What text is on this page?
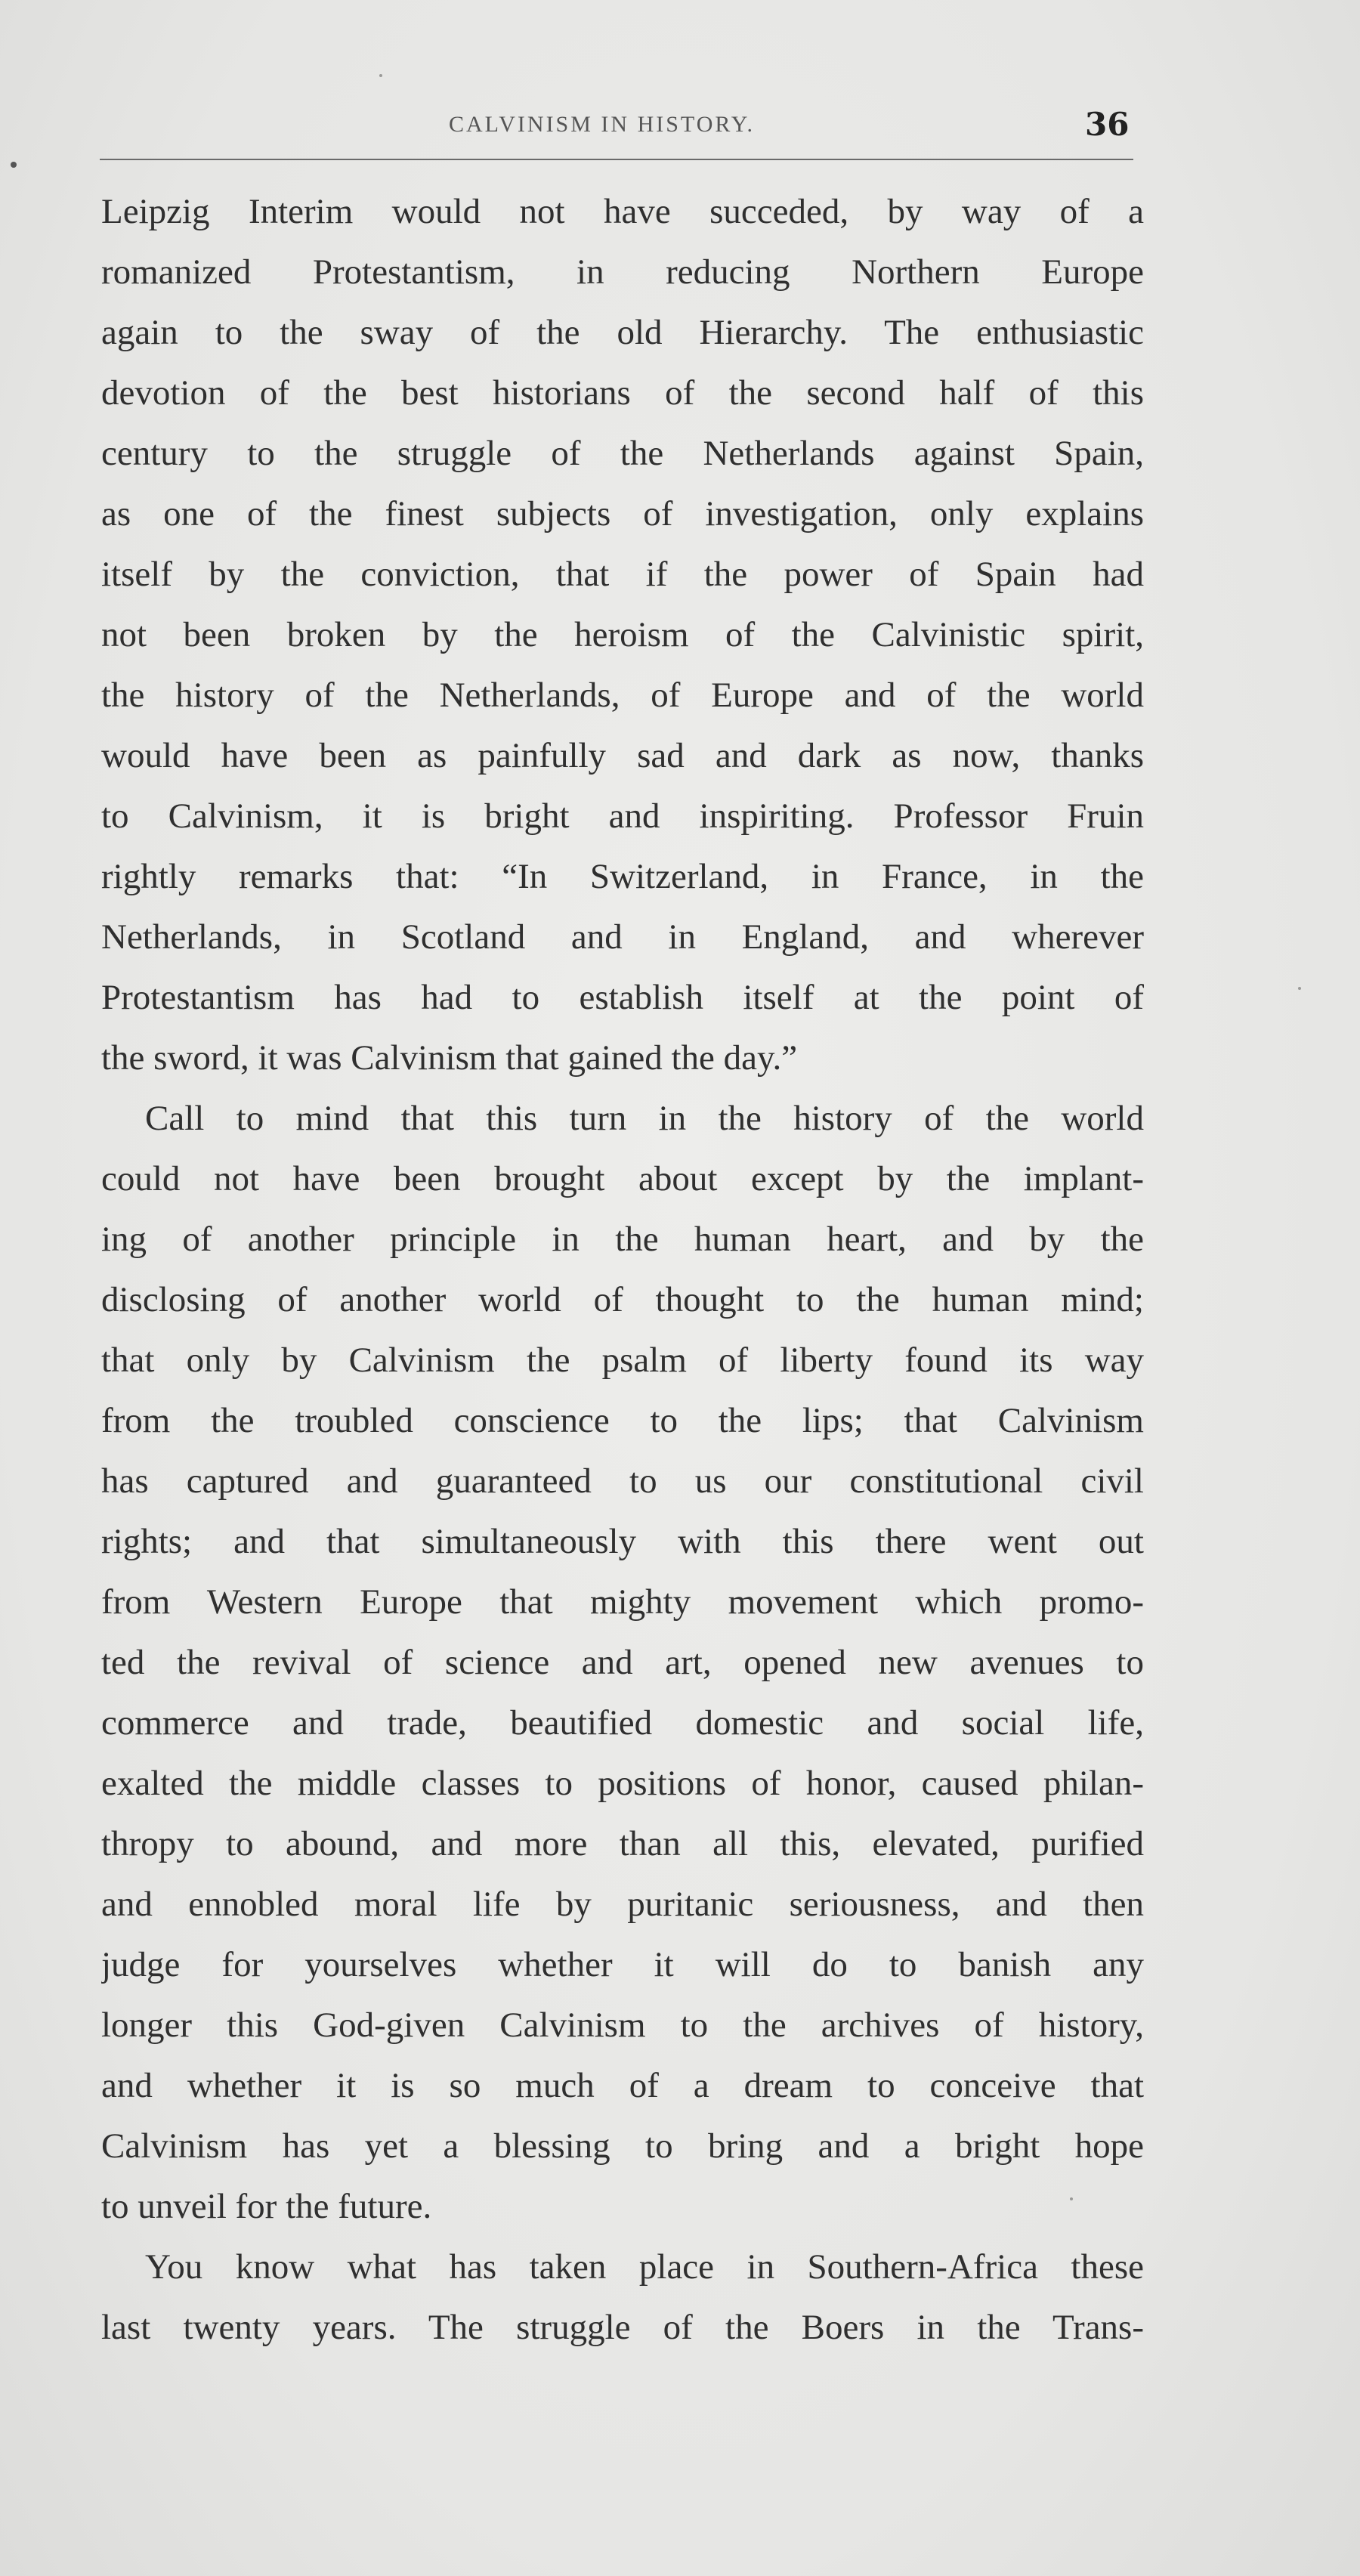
CALVINISM IN HISTORY.	36
Leipzig Interim would not have succeded, by way of a
romanized Protestantism, in reducing Northern Europe
again to the sway of the old Hierarchy. The enthusiastic
devotion of the best historians of the second half of this
century to the struggle of the Netherlands against Spain,
as one of the finest subjects of investigation, only explains
itself by the conviction, that if the power of Spain had
not been broken by the heroism of the Calvinistic spirit,
the history of the Netherlands, of Europe and of the world
would have been as painfully sad and dark as now, thanks
to Calvinism, it is bright and inspiriting. Professor Fruin
rightly remarks that: “In Switzerland, in France, in the
Netherlands, in Scotland and in England, and wherever
Protestantism has had to establish itself at the point of
the sword, it was Calvinism that gained the day.”
Call to mind that this turn in the history of the world
could not have been brought about except by the implant-
ing of another principle in the human heart, and by the
disclosing of another world of thought to the human mind;
that only by Calvinism the psalm of liberty found its way
from the troubled conscience to the lips; that Calvinism
has captured and guaranteed to us our constitutional civil
rights; and that simultaneously with this there went out
from Western Europe that mighty movement which promo-
ted the revival of science and art, opened new avenues to
commerce and trade, beautified domestic and social life,
exalted the middle classes to positions of honor, caused philan-
thropy to abound, and more than all this, elevated, purified
and ennobled moral life by puritanic seriousness, and then
judge for yourselves whether it will do to banish any
longer this God-given Calvinism to the archives of history,
and whether it is so much of a dream to conceive that
Calvinism has yet a blessing to bring and a bright hope
to unveil for the future.
You know what has taken place in Southern-Africa these
last twenty years. The struggle of the Boers in the Trans-
